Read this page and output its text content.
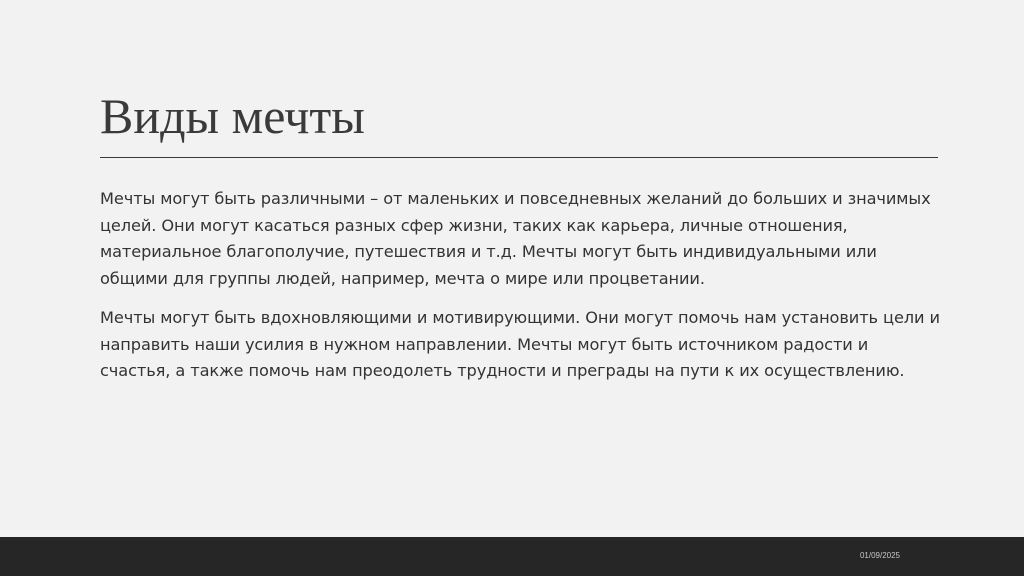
Виды мечты

Мечты могут быть различными – от маленьких и повседневных желаний до больших и значимых целей. Они могут касаться разных сфер жизни, таких как карьера, личные отношения, материальное благополучие, путешествия и т.д. Мечты могут быть индивидуальными или общими для группы людей, например, мечта о мире или процветании.

Мечты могут быть вдохновляющими и мотивирующими. Они могут помочь нам установить цели и направить наши усилия в нужном направлении. Мечты могут быть источником радости и счастья, а также помочь нам преодолеть трудности и преграды на пути к их осуществлению.

01/09/2025
